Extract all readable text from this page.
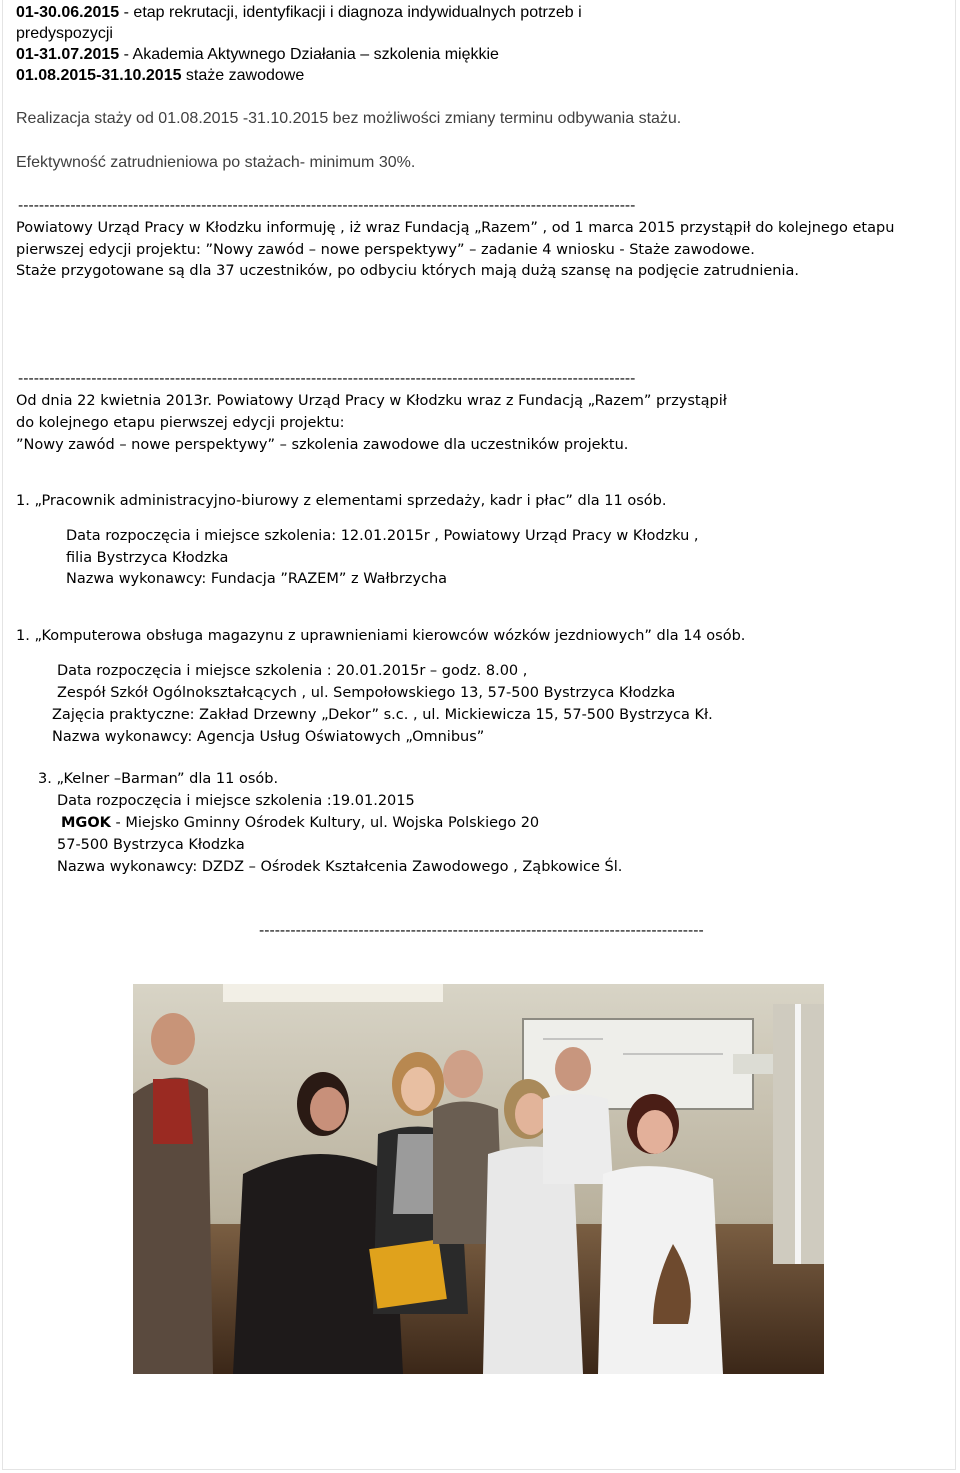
01-30.06.2015 - etap rekrutacji, identyfikacji i diagnoza indywidualnych potrzeb i
predyspozycji
01-31.07.2015 - Akademia Aktywnego Działania – szkolenia miękkie
01.08.2015-31.10.2015 staże zawodowe
Realizacja staży od 01.08.2015 -31.10.2015 bez możliwości zmiany terminu odbywania stażu.
Efektywność zatrudnieniowa po stażach- minimum 30%.
----------------------------------------------------------------------------------------------------------------------
Powiatowy Urząd Pracy w Kłodzku informuję , iż wraz Fundacją „Razem” , od 1 marca 2015 przystąpił do kolejnego etapu
pierwszej edycji projektu: ”Nowy zawód – nowe perspektywy” – zadanie 4 wniosku - Staże zawodowe.
Staże przygotowane są dla 37 uczestników, po odbyciu których mają dużą szansę na podjęcie zatrudnienia.
----------------------------------------------------------------------------------------------------------------------
Od dnia 22 kwietnia 2013r. Powiatowy Urząd Pracy w Kłodzku wraz z Fundacją „Razem” przystąpił
do kolejnego etapu pierwszej edycji projektu:
”Nowy zawód – nowe perspektywy” – szkolenia zawodowe dla uczestników projektu.
1. „Pracownik administracyjno-biurowy z elementami sprzedaży, kadr i płac” dla 11 osób.
Data rozpoczęcia i miejsce szkolenia: 12.01.2015r , Powiatowy Urząd Pracy w Kłodzku ,
filia Bystrzyca Kłodzka
Nazwa wykonawcy: Fundacja ”RAZEM” z Wałbrzycha
1. „Komputerowa obsługa magazynu z uprawnieniami kierowców wózków jezdniowych” dla 14 osób.
Data rozpoczęcia i miejsce szkolenia : 20.01.2015r – godz. 8.00 ,
Zespół Szkół Ogólnokształcących , ul. Sempołowskiego 13, 57-500 Bystrzyca Kłodzka
Zajęcia praktyczne: Zakład Drzewny „Dekor” s.c. , ul. Mickiewicza 15, 57-500 Bystrzyca Kł.
Nazwa wykonawcy: Agencja Usług Oświatowych „Omnibus”
3. „Kelner –Barman” dla 11 osób.
Data rozpoczęcia i miejsce szkolenia :19.01.2015
MGOK - Miejsko Gminny Ośrodek Kultury, ul. Wojska Polskiego 20
57-500 Bystrzyca Kłodzka
Nazwa wykonawcy: DZDZ – Ośrodek Kształcenia Zawodowego , Ząbkowice Śl.
-------------------------------------------------------------------------------------
